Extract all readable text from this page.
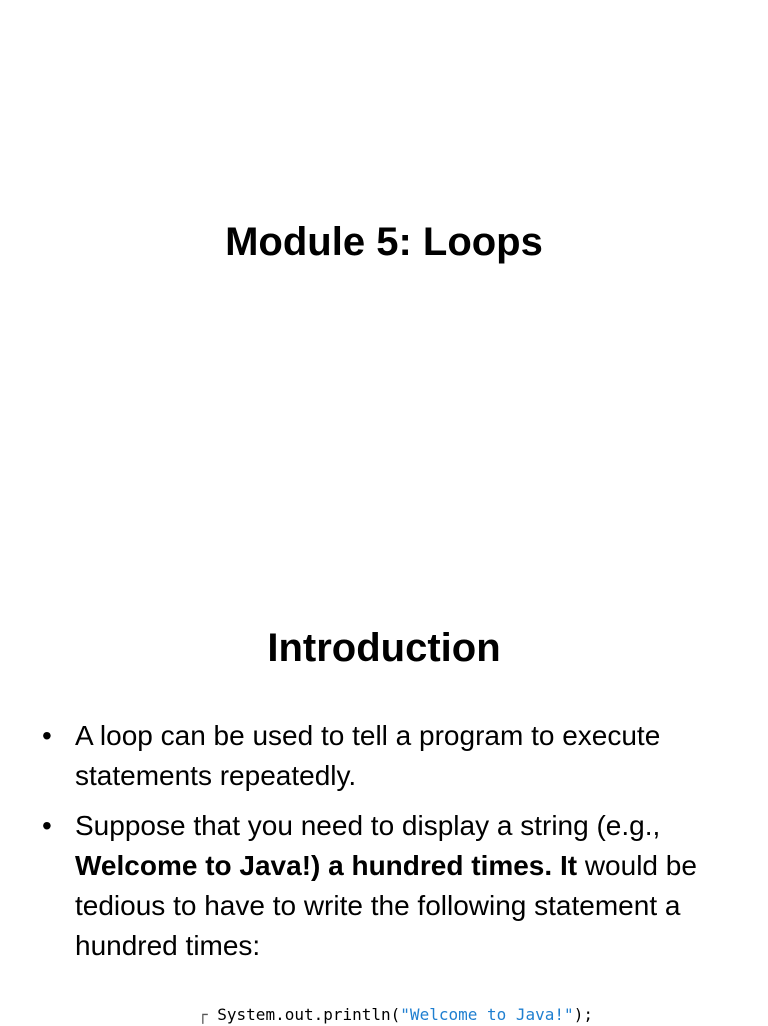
Module 5: Loops
Introduction
• A loop can be used to tell a program to execute statements repeatedly.
• Suppose that you need to display a string (e.g., Welcome to Java!) a hundred times. It would be tedious to have to write the following statement a hundred times:
┌ System.out.println("Welcome to Java!");
